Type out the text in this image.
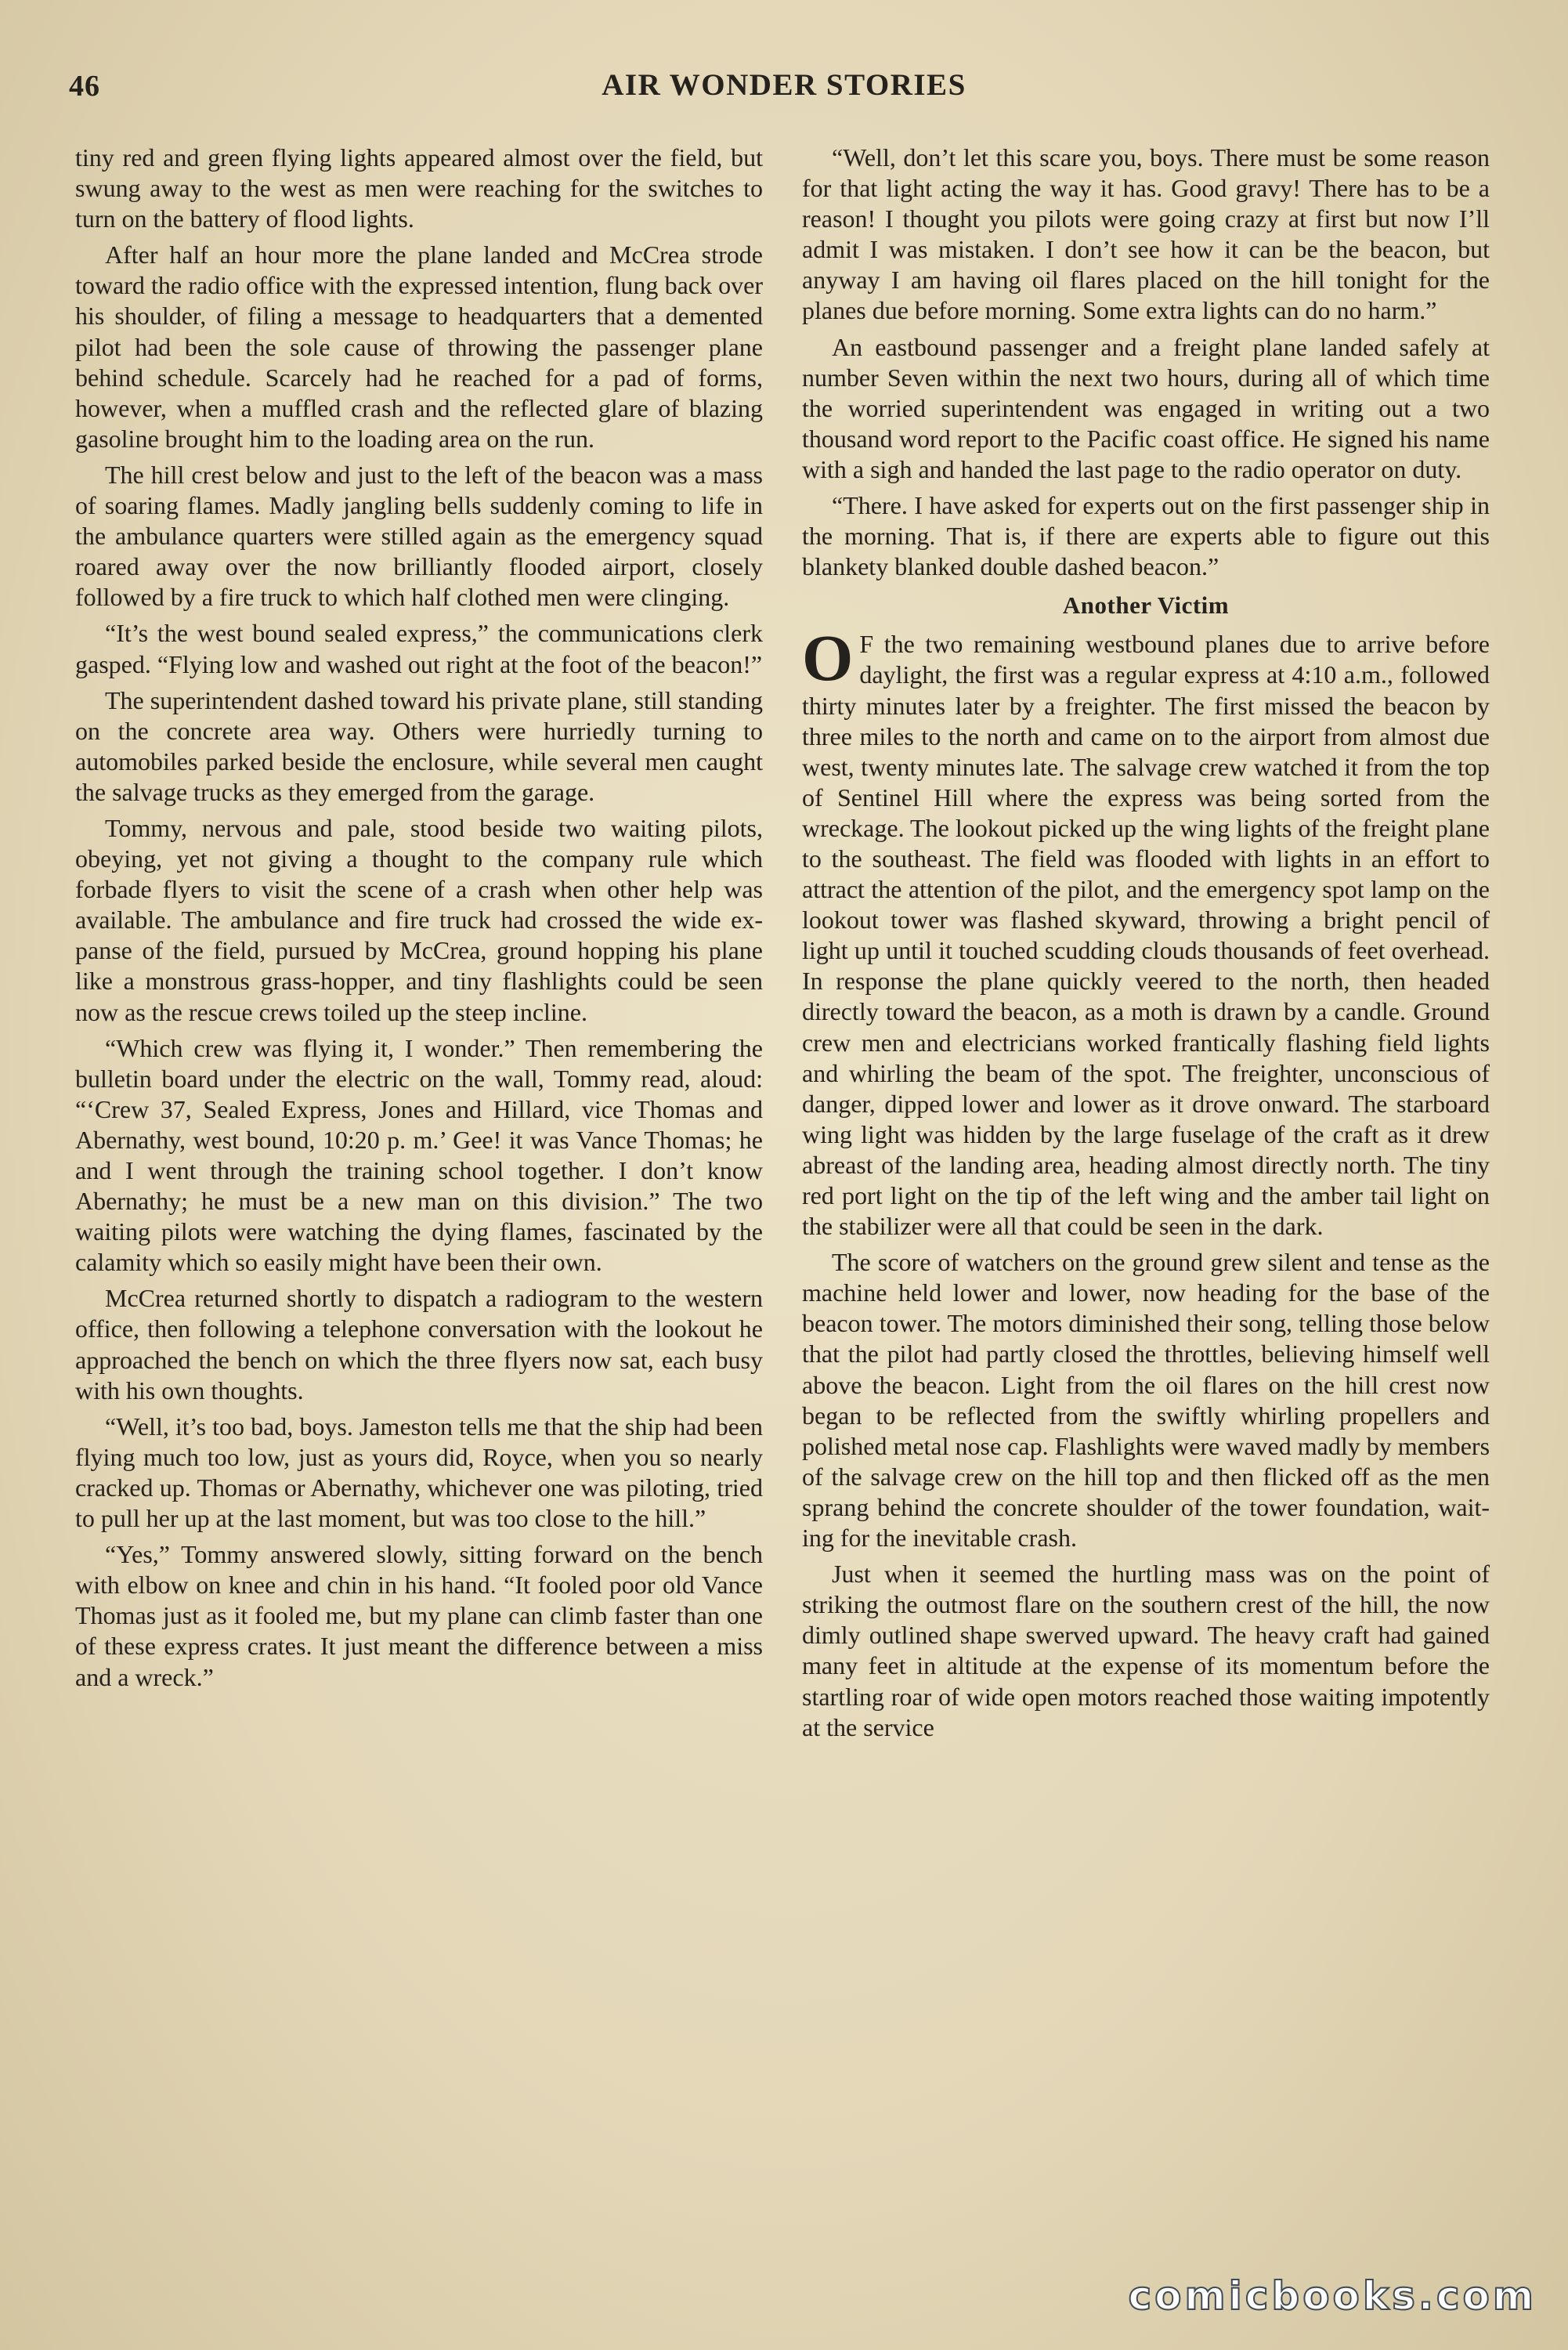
46	AIR WONDER STORIES

tiny red and green flying lights appeared almost over the field, but swung away to the west as men were reaching for the switches to turn on the battery of flood lights.

After half an hour more the plane landed and McCrea strode toward the radio office with the expressed intention, flung back over his shoulder, of filing a message to headquarters that a demented pilot had been the sole cause of throwing the passenger plane behind schedule. Scarcely had he reached for a pad of forms, however, when a muffled crash and the reflected glare of blazing gasoline brought him to the loading area on the run.

The hill crest below and just to the left of the beacon was a mass of soaring flames. Madly jangling bells suddenly coming to life in the ambulance quarters were stilled again as the emergency squad roared away over the now brilliantly flooded airport, closely followed by a fire truck to which half clothed men were clinging.

“It’s the west bound sealed express,” the communications clerk gasped. “Flying low and washed out right at the foot of the beacon!”

The superintendent dashed toward his private plane, still standing on the concrete area way. Others were hurriedly turning to automobiles parked beside the enclosure, while several men caught the salvage trucks as they emerged from the garage.

Tommy, nervous and pale, stood beside two waiting pilots, obeying, yet not giving a thought to the company rule which forbade flyers to visit the scene of a crash when other help was available. The ambulance and fire truck had crossed the wide expanse of the field, pursued by McCrea, ground hopping his plane like a monstrous grass-hopper, and tiny flashlights could be seen now as the rescue crews toiled up the steep incline.

“Which crew was flying it, I wonder.” Then remembering the bulletin board under the electric on the wall, Tommy read, aloud: “‘Crew 37, Sealed Express, Jones and Hillard, vice Thomas and Abernathy, west bound, 10:20 p. m.’ Gee! it was Vance Thomas; he and I went through the training school together. I don’t know Abernathy; he must be a new man on this division.” The two waiting pilots were watching the dying flames, fascinated by the calamity which so easily might have been their own.

McCrea returned shortly to dispatch a radiogram to the western office, then following a telephone conversation with the lookout he approached the bench on which the three flyers now sat, each busy with his own thoughts.

“Well, it’s too bad, boys. Jameston tells me that the ship had been flying much too low, just as yours did, Royce, when you so nearly cracked up. Thomas or Abernathy, whichever one was piloting, tried to pull her up at the last moment, but was too close to the hill.”

“Yes,” Tommy answered slowly, sitting forward on the bench with elbow on knee and chin in his hand. “It fooled poor old Vance Thomas just as it fooled me, but my plane can climb faster than one of these express crates. It just meant the difference between a miss and a wreck.”

“Well, don’t let this scare you, boys. There must be some reason for that light acting the way it has. Good gravy! There has to be a reason! I thought you pilots were going crazy at first but now I’ll admit I was mistaken. I don’t see how it can be the beacon, but anyway I am having oil flares placed on the hill tonight for the planes due before morning. Some extra lights can do no harm.”

An eastbound passenger and a freight plane landed safely at number Seven within the next two hours, during all of which time the worried superintendent was engaged in writing out a two thousand word report to the Pacific coast office. He signed his name with a sigh and handed the last page to the radio operator on duty.

“There. I have asked for experts out on the first passenger ship in the morning. That is, if there are experts able to figure out this blankety blanked double dashed beacon.”

Another Victim

O F the two remaining westbound planes due to arrive before daylight, the first was a regular express at 4:10 a.m., followed thirty minutes later by a freighter. The first missed the beacon by three miles to the north and came on to the airport from almost due west, twenty minutes late. The salvage crew watched it from the top of Sentinel Hill where the express was being sorted from the wreckage. The lookout picked up the wing lights of the freight plane to the southeast. The field was flooded with lights in an effort to attract the attention of the pilot, and the emergency spot lamp on the lookout tower was flashed skyward, throwing a bright pencil of light up until it touched scudding clouds thousands of feet overhead. In response the plane quickly veered to the north, then headed directly toward the beacon, as a moth is drawn by a candle. Ground crew men and electricians worked frantically flashing field lights and whirling the beam of the spot. The freighter, unconscious of danger, dipped lower and lower as it drove onward. The starboard wing light was hidden by the large fuselage of the craft as it drew abreast of the landing area, heading almost directly north. The tiny red port light on the tip of the left wing and the amber tail light on the stabilizer were all that could be seen in the dark.

The score of watchers on the ground grew silent and tense as the machine held lower and lower, now heading for the base of the beacon tower. The motors diminished their song, telling those below that the pilot had partly closed the throttles, believing himself well above the beacon. Light from the oil flares on the hill crest now began to be reflected from the swiftly whirling propellers and polished metal nose cap. Flashlights were waved madly by members of the salvage crew on the hill top and then flicked off as the men sprang behind the concrete shoulder of the tower foundation, waiting for the inevitable crash.

Just when it seemed the hurtling mass was on the point of striking the outmost flare on the southern crest of the hill, the now dimly outlined shape swerved upward. The heavy craft had gained many feet in altitude at the expense of its momentum before the startling roar of wide open motors reached those waiting impotently at the service

comicbooks.com
